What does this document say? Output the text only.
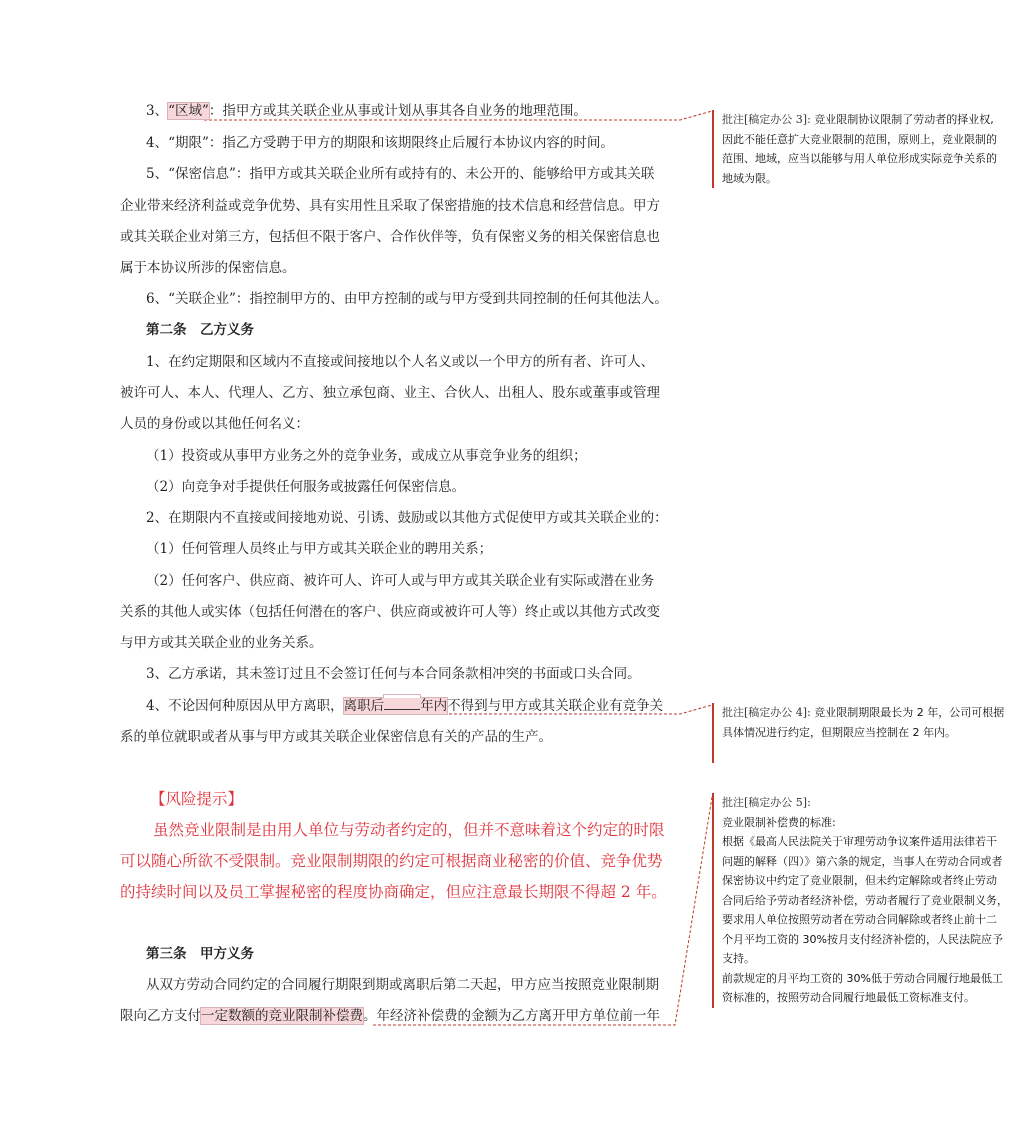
3、“区域”：指甲方或其关联企业从事或计划从事其各自业务的地理范围。
4、“期限”：指乙方受聘于甲方的期限和该期限终止后履行本协议内容的时间。
5、“保密信息”：指甲方或其关联企业所有或持有的、未公开的、能够给甲方或其关联
企业带来经济利益或竞争优势、具有实用性且采取了保密措施的技术信息和经营信息。甲方
或其关联企业对第三方，包括但不限于客户、合作伙伴等，负有保密义务的相关保密信息也
属于本协议所涉的保密信息。
6、“关联企业”：指控制甲方的、由甲方控制的或与甲方受到共同控制的任何其他法人。
第二条　乙方义务
1、在约定期限和区域内不直接或间接地以个人名义或以一个甲方的所有者、许可人、
被许可人、本人、代理人、乙方、独立承包商、业主、合伙人、出租人、股东或董事或管理
人员的身份或以其他任何名义：
（1）投资或从事甲方业务之外的竞争业务，或成立从事竞争业务的组织；
（2）向竞争对手提供任何服务或披露任何保密信息。
2、在期限内不直接或间接地劝说、引诱、鼓励或以其他方式促使甲方或其关联企业的：
（1）任何管理人员终止与甲方或其关联企业的聘用关系；
（2）任何客户、供应商、被许可人、许可人或与甲方或其关联企业有实际或潜在业务
关系的其他人或实体（包括任何潜在的客户、供应商或被许可人等）终止或以其他方式改变
与甲方或其关联企业的业务关系。
3、乙方承诺，其未签订过且不会签订任何与本合同条款相冲突的书面或口头合同。
4、不论因何种原因从甲方离职，离职后	年内不得到与甲方或其关联企业有竞争关
系的单位就职或者从事与甲方或其关联企业保密信息有关的产品的生产。
【风险提示】
虽然竞业限制是由用人单位与劳动者约定的，但并不意味着这个约定的时限
可以随心所欲不受限制。竞业限制期限的约定可根据商业秘密的价值、竞争优势
的持续时间以及员工掌握秘密的程度协商确定，但应注意最长期限不得超 2 年。
第三条　甲方义务
从双方劳动合同约定的合同履行期限到期或离职后第二天起，甲方应当按照竞业限制期
限向乙方支付一定数额的竞业限制补偿费。年经济补偿费的金额为乙方离开甲方单位前一年
批注[稿定办公 3]: 竞业限制协议限制了劳动者的择业权,
因此不能任意扩大竞业限制的范围，原则上，竞业限制的
范围、地域，应当以能够与用人单位形成实际竞争关系的
地域为限。
批注[稿定办公 4]: 竞业限制期限最长为 2 年，公司可根据
具体情况进行约定，但期限应当控制在 2 年内。
批注[稿定办公 5]:
竞业限制补偿费的标准:
根据《最高人民法院关于审理劳动争议案件适用法律若干
问题的解释（四）》第六条的规定，当事人在劳动合同或者
保密协议中约定了竞业限制，但未约定解除或者终止劳动
合同后给予劳动者经济补偿，劳动者履行了竞业限制义务，
要求用人单位按照劳动者在劳动合同解除或者终止前十二
个月平均工资的 30%按月支付经济补偿的，人民法院应予
支持。
前款规定的月平均工资的 30%低于劳动合同履行地最低工
资标准的，按照劳动合同履行地最低工资标准支付。
